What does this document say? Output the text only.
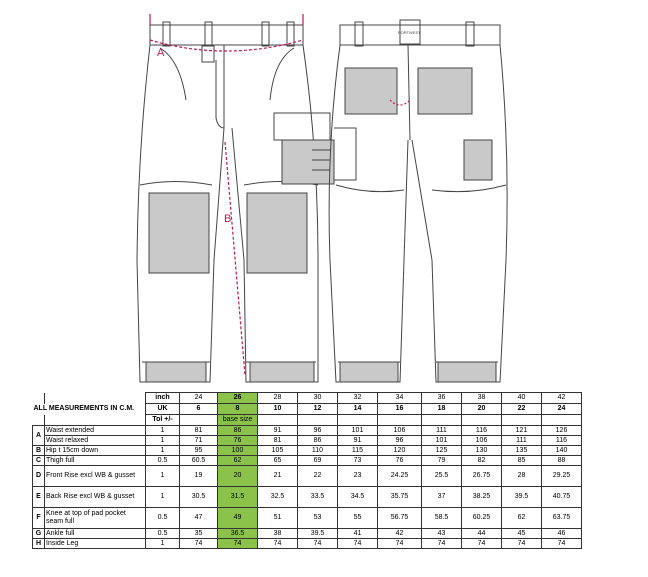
A
B
PORTWEST
		inch	24	26	28	30	32	34	36	38	40	42
ALL MEASUREMENTS IN C.M.		UK	6	8	10	12	14	16	18	20	22	24
		Tol +/-		base size								
A	Waist extended	1	81	86	91	96	101	106	111	116	121	126
	Waist relaxed	1	71	76	81	86	91	96	101	106	111	116
B	Hip t 15cm down	1	95	100	105	110	115	120	125	130	135	140
C	Thigh full	0.5	60.5	62	65	69	73	76	79	82	85	88
D	Front Rise excl WB & gusset	1	19	20	21	22	23	24.25	25.5	26.75	28	29.25
E	Back Rise excl WB & gusset	1	30.5	31.5	32.5	33.5	34.5	35.75	37	38.25	39.5	40.75
F	Knee at top of pad pocket seam full	0.5	47	49	51	53	55	56.75	58.5	60.25	62	63.75
G	Ankle full	0.5	35	36.5	38	39.5	41	42	43	44	45	46
H	Inside Leg	1	74	74	74	74	74	74	74	74	74	74
